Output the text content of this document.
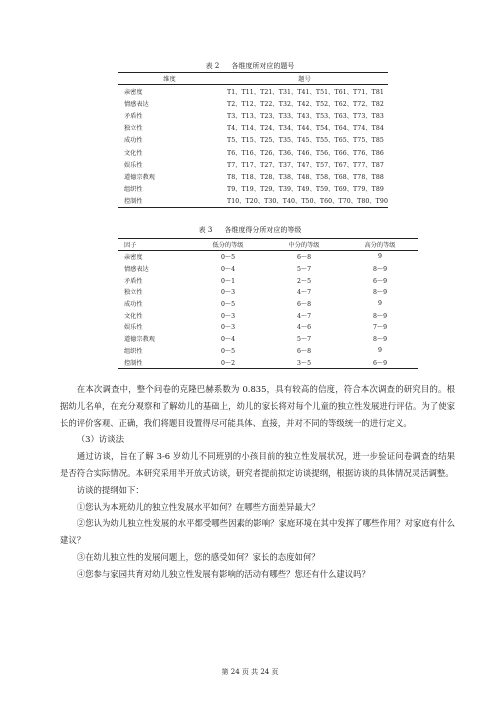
表 2 各维度所对应的题号
维度	题号
亲密度	T1、T11、T21、T31、T41、T51、T61、T71、T81
情感表达	T2、T12、T22、T32、T42、T52、T62、T72、T82
矛盾性	T3、T13、T23、T33、T43、T53、T63、T73、T83
独立性	T4、T14、T24、T34、T44、T54、T64、T74、T84
成功性	T5、T15、T25、T35、T45、T55、T65、T75、T85
文化性	T6、T16、T26、T36、T46、T56、T66、T76、T86
娱乐性	T7、T17、T27、T37、T47、T57、T67、T77、T87
道德宗教观	T8、T18、T28、T38、T48、T58、T68、T78、T88
组织性	T9、T19、T29、T39、T49、T59、T69、T79、T89
控制性	T10、T20、T30、T40、T50、T60、T70、T80、T90
表 3 各维度得分所对应的等级
因子	低分的等级	中分的等级	高分的等级
亲密度	0～5	6～8	9
情感表达	0～4	5～7	8～9
矛盾性	0～1	2～5	6～9
独立性	0～3	4～7	8～9
成功性	0～5	6～8	9
文化性	0～3	4～7	8～9
娱乐性	0～3	4～6	7～9
道德宗教观	0～4	5～7	8～9
组织性	0～5	6～8	9
控制性	0～2	3～5	6～9

在本次调查中，整个问卷的克隆巴赫系数为 0.835，具有较高的信度，符合本次调查的研究目的。根据幼儿名单，在充分观察和了解幼儿的基础上，幼儿的家长将对每个儿童的独立性发展进行评估。为了使家长的评价客观、正确，我们将题目设置得尽可能具体、直接，并对不同的等级统一的进行定义。

（3）访谈法

通过访谈，旨在了解 3-6 岁幼儿不同班别的小孩目前的独立性发展状况，进一步验证问卷调查的结果是否符合实际情况。本研究采用半开放式访谈，研究者提前拟定访谈提纲，根据访谈的具体情况灵活调整。

访谈的提纲如下：

①您认为本班幼儿的独立性发展水平如何？在哪些方面差异最大？

②您认为幼儿独立性发展的水平都受哪些因素的影响？家庭环境在其中发挥了哪些作用？对家庭有什么建议？

③在幼儿独立性的发展问题上，您的感受如何？家长的态度如何？

④您参与家园共育对幼儿独立性发展有影响的活动有哪些？您还有什么建议吗？

第 24 页 共 24 页
